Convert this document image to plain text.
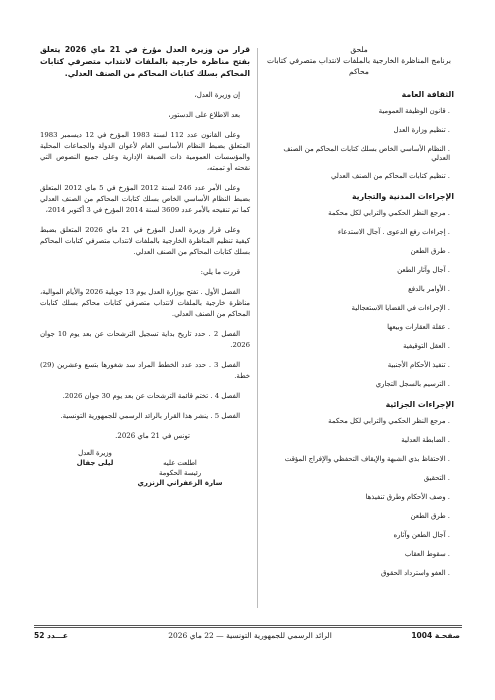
ملحق
برنامج المناظرة الخارجية بالملفات لانتداب متصرفي كتابات محاكم
الثقافة العامة
. قانون الوظيفة العمومية
. تنظيم وزارة العدل
. النظام الأساسي الخاص بسلك كتابات المحاكم من الصنف العدلي
. تنظيم كتابات المحاكم من الصنف العدلي
الإجراءات المدنية والتجارية
. مرجع النظر الحكمي والترابي لكل محكمة
. إجراءات رفع الدعوى . آجال الاستدعاء
. طرق الطعن
. آجال وآثار الطعن
. الأوامر بالدفع
. الإجراءات في القضايا الاستعجالية
. عقلة العقارات وبيعها
. العقل التوقيفية
. تنفيذ الأحكام الأجنبية
. الترسيم بالسجل التجاري
الإجراءات الجزائية
. مرجع النظر الحكمي والترابي لكل محكمة
. الضابطة العدلية
. الاحتفاظ بذي الشبهة والإيقاف التحفظي والإفراج المؤقت
. التحقيق
. وصف الأحكام وطرق تنفيذها
. طرق الطعن
. آجال الطعن وآثاره
. سقوط العقاب
. العفو واسترداد الحقوق
قرار من وزيرة العدل مؤرخ في 21 ماي 2026 يتعلق بفتح مناظرة خارجية بالملفات لانتداب متصرفي كتابات المحاكم بسلك كتابات المحاكم من الصنف العدلي.
إن وزيرة العدل،
بعد الاطلاع على الدستور،

وعلى القانون عدد 112 لسنة 1983 المؤرخ في 12 ديسمبر 1983 المتعلق بضبط النظام الأساسي العام لأعوان الدولة والجماعات المحلية والمؤسسات العمومية ذات الصبغة الإدارية وعلى جميع النصوص التي نقحته أو تممته،

وعلى الأمر عدد 246 لسنة 2012 المؤرخ في 5 ماي 2012 المتعلق بضبط النظام الأساسي الخاص بسلك كتابات المحاكم من الصنف العدلي كما تم تنقيحه بالأمر عدد 3609 لسنة 2014 المؤرخ في 3 أكتوبر 2014،

وعلى قرار وزيرة العدل المؤرخ في 21 ماي 2026 المتعلق بضبط كيفية تنظيم المناظرة الخارجية بالملفات لانتداب متصرفي كتابات المحاكم بسلك كتابات المحاكم من الصنف العدلي.

قررت ما يلي:

الفصل الأول . تفتح بوزارة العدل يوم 13 جويلية 2026 والأيام الموالية، مناظرة خارجية بالملفات لانتداب متصرفي كتابات محاكم بسلك كتابات المحاكم من الصنف العدلي.

الفصل 2 . حدد تاريخ بداية تسجيل الترشحات عن بعد يوم 10 جوان 2026.

الفصل 3 . حدد عدد الخطط المراد سد شغورها بتسع وعشرين (29) خطة.

الفصل 4 . تختم قائمة الترشحات عن بعد يوم 30 جوان 2026.

الفصل 5 . ينشر هذا القرار بالرائد الرسمي للجمهورية التونسية.

تونس في 21 ماي 2026.
وزيرة العدل
ليلى جفال	اطلعت عليه
رئيسة الحكومة
سارة الزعفراني الزنزري
صفحـة 1004
الرائد الرسمي للجمهورية التونسية — 22 ماي 2026
عـــدد 52
